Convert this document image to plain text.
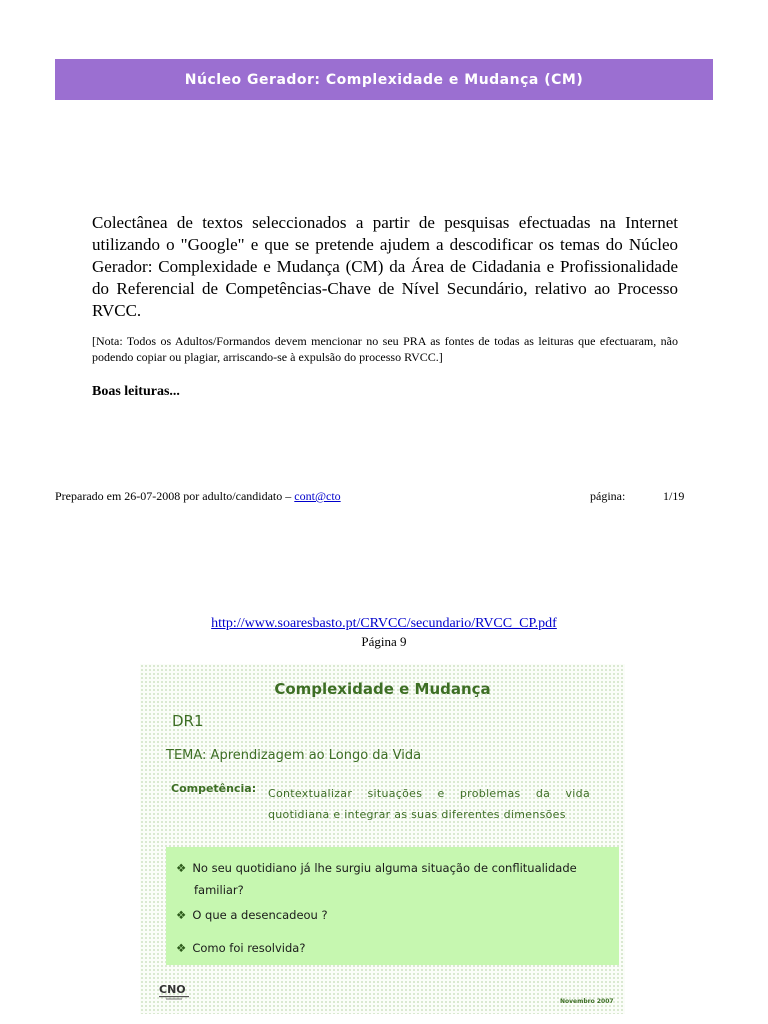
Núcleo Gerador: Complexidade e Mudança (CM)
Colectânea de textos seleccionados a partir de pesquisas efectuadas na Internet utilizando o "Google" e que se pretende ajudem a descodificar os temas do Núcleo Gerador: Complexidade e Mudança (CM) da Área de Cidadania e Profissionalidade do Referencial de Competências-Chave de Nível Secundário, relativo ao Processo RVCC.
[Nota: Todos os Adultos/Formandos devem mencionar no seu PRA as fontes de todas as leituras que efectuaram, não podendo copiar ou plagiar, arriscando-se à expulsão do processo RVCC.]
Boas leituras...
Preparado em 26-07-2008 por adulto/candidato – cont@cto	página:	1/19
http://www.soaresbasto.pt/CRVCC/secundario/RVCC_CP.pdf
Página 9
Complexidade e Mudança
DR1
TEMA: Aprendizagem ao Longo da Vida
Competência: Contextualizar situações e problemas da vida quotidiana e integrar as suas diferentes dimensões
❖ No seu quotidiano já lhe surgiu alguma situação de conflitualidade
familiar?
❖ O que a desencadeou ?
❖ Como foi resolvida?
CNO
Novembro 2007
